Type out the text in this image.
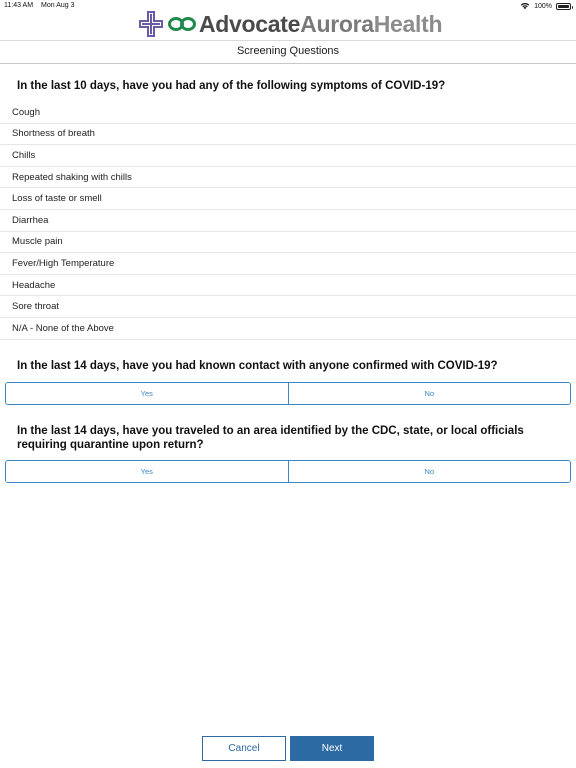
11:43 AM Mon Aug 3	100%
AdvocateAuroraHealth
Screening Questions
In the last 10 days, have you had any of the following symptoms of COVID-19?
Cough
Shortness of breath
Chills
Repeated shaking with chills
Loss of taste or smell
Diarrhea
Muscle pain
Fever/High Temperature
Headache
Sore throat
N/A - None of the Above
In the last 14 days, have you had known contact with anyone confirmed with COVID-19?
Yes	No
In the last 14 days, have you traveled to an area identified by the CDC, state, or local officials requiring quarantine upon return?
Yes	No
Cancel	Next
